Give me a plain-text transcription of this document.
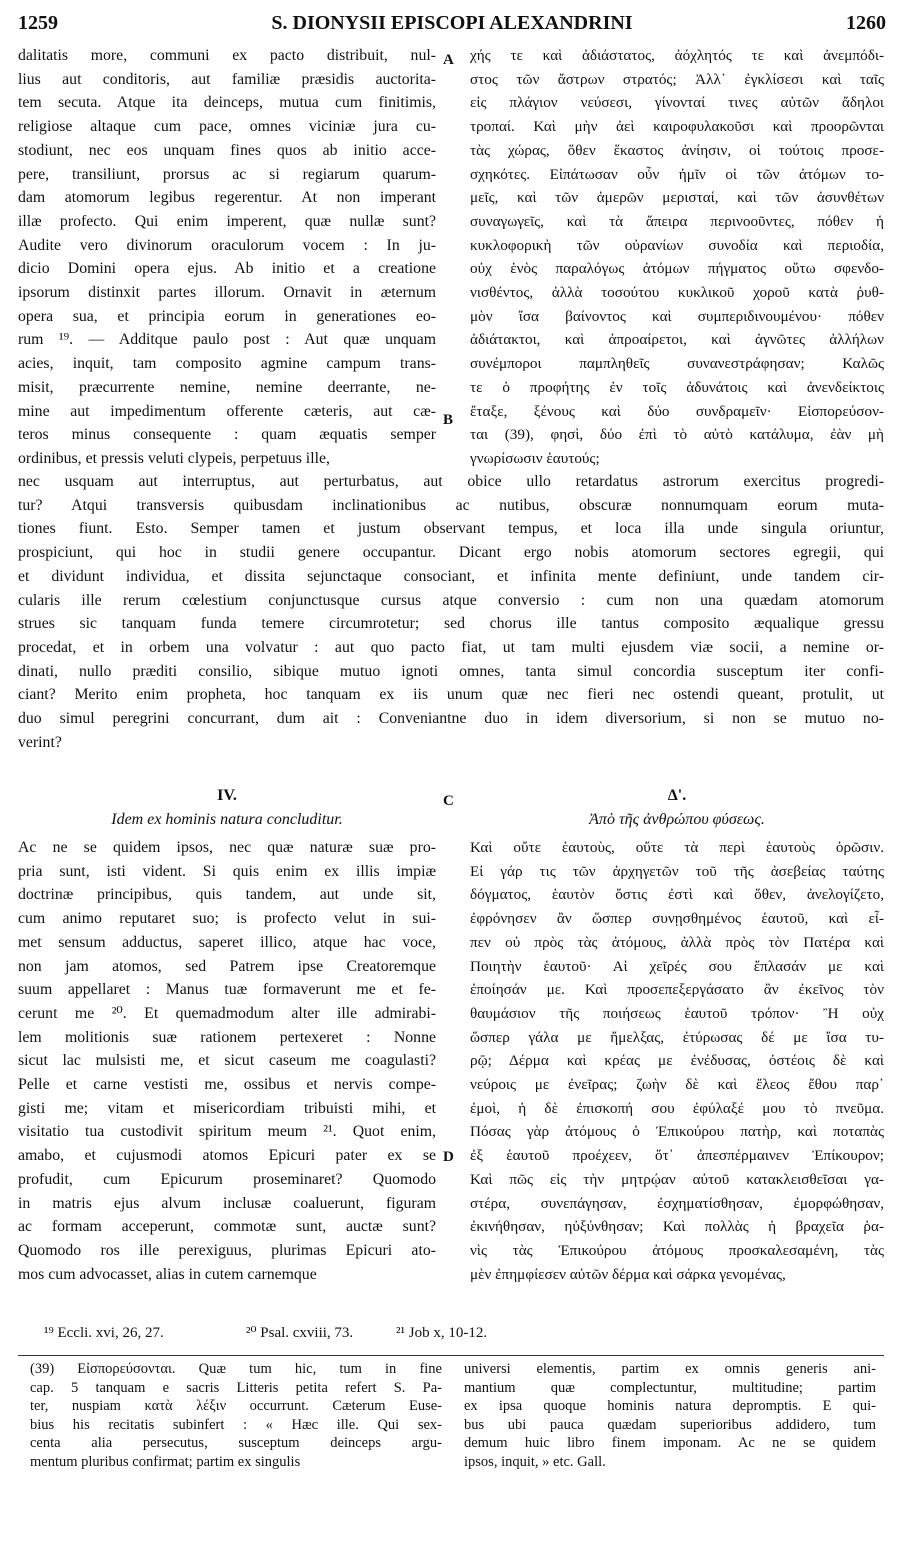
1259	S. DIONYSII EPISCOPI ALEXANDRINI	1260
A
B
C
D
dalitatis more, communi ex pacto distribuit, nul-
lius aut conditoris, aut familiæ præsidis auctorita-
tem secuta. Atque ita deinceps, mutua cum finitimis,
religiose altaque cum pace, omnes viciniæ jura cu-
stodiunt, nec eos unquam fines quos ab initio acce-
pere, transiliunt, prorsus ac si regiarum quarum-
dam atomorum legibus regerentur. At non imperant
illæ profecto. Qui enim imperent, quæ nullæ sunt?
Audite vero divinorum oraculorum vocem : In ju-
dicio Domini opera ejus. Ab initio et a creatione
ipsorum distinxit partes illorum. Ornavit in æternum
opera sua, et principia eorum in generationes eo-
rum ¹⁹. — Additque paulo post : Aut quæ unquam
acies, inquit, tam composito agmine campum trans-
misit, præcurrente nemine, nemine deerrante, ne-
mine aut impedimentum offerente cæteris, aut cæ-
teros minus consequente : quam æquatis semper
ordinibus, et pressis veluti clypeis, perpetuus ille,
χής τε καὶ ἀδιάστατος, ἀόχλητός τε καὶ ἀνεμπόδι-
στος τῶν ἄστρων στρατός; Ἀλλ᾽ ἐγκλίσεσι καὶ ταῖς
εἰς πλάγιον νεύσεσι, γίνονταί τινες αὐτῶν ἄδηλοι
τροπαί. Καὶ μὴν ἀεὶ καιροφυλακοῦσι καὶ προορῶνται
τὰς χώρας, ὅθεν ἕκαστος ἀνίησιν, οἱ τούτοις προσε-
σχηκότες. Εἰπάτωσαν οὖν ἡμῖν οἱ τῶν ἀτόμων το-
μεῖς, καὶ τῶν ἀμερῶν μερισταί, καὶ τῶν ἀσυνθέτων
συναγωγεῖς, καὶ τὰ ἄπειρα περινοοῦντες, πόθεν ἡ
κυκλοφορικὴ τῶν οὐρανίων συνοδία καὶ περιοδία,
οὐχ ἑνὸς παραλόγως ἀτόμων πήγματος οὕτω σφενδο-
νισθέντος, ἀλλὰ τοσούτου κυκλικοῦ χοροῦ κατὰ ῥυθ-
μὸν ἴσα βαίνοντος καὶ συμπεριδινουμένου· πόθεν
ἀδιάτακτοι, καὶ ἀπροαίρετοι, καὶ ἀγνῶτες ἀλλήλων
συνέμποροι παμπληθεῖς συνανεστράφησαν; Καλῶς
τε ὁ προφήτης ἐν τοῖς ἀδυνάτοις καὶ ἀνενδείκτοις
ἔταξε, ξένους καὶ δύο συνδραμεῖν· Εἰσπορεύσον-
ται (39), φησὶ, δύο ἐπὶ τὸ αὐτὸ κατάλυμα, ἐὰν μὴ
γνωρίσωσιν ἑαυτούς;
nec usquam aut interruptus, aut perturbatus, aut obice ullo retardatus astrorum exercitus progredi-
tur? Atqui transversis quibusdam inclinationibus ac nutibus, obscuræ nonnumquam eorum muta-
tiones fiunt. Esto. Semper tamen et justum observant tempus, et loca illa unde singula oriuntur,
prospiciunt, qui hoc in studii genere occupantur. Dicant ergo nobis atomorum sectores egregii, qui
et dividunt individua, et dissita sejunctaque consociant, et infinita mente definiunt, unde tandem cir-
cularis ille rerum cœlestium conjunctusque cursus atque conversio : cum non una quædam atomorum
strues sic tanquam funda temere circumrotetur; sed chorus ille tantus composito æqualique gressu
procedat, et in orbem una volvatur : aut quo pacto fiat, ut tam multi ejusdem viæ socii, a nemine or-
dinati, nullo præditi consilio, sibique mutuo ignoti omnes, tanta simul concordia susceptum iter confi-
ciant? Merito enim propheta, hoc tanquam ex iis unum quæ nec fieri nec ostendi queant, protulit, ut
duo simul peregrini concurrant, dum ait : Conveniantne duo in idem diversorium, si non se mutuo no-
verint?
IV.
Idem ex hominis natura concluditur.
Δ'.
Ἀπὸ τῆς ἀνθρώπου φύσεως.
Ac ne se quidem ipsos, nec quæ naturæ suæ pro-
pria sunt, isti vident. Si quis enim ex illis impiæ
doctrinæ principibus, quis tandem, aut unde sit,
cum animo reputaret suo; is profecto velut in sui-
met sensum adductus, saperet illico, atque hac voce,
non jam atomos, sed Patrem ipse Creatoremque
suum appellaret : Manus tuæ formaverunt me et fe-
cerunt me ²⁰. Et quemadmodum alter ille admirabi-
lem molitionis suæ rationem pertexeret : Nonne
sicut lac mulsisti me, et sicut caseum me coagulasti?
Pelle et carne vestisti me, ossibus et nervis compe-
gisti me; vitam et misericordiam tribuisti mihi, et
visitatio tua custodivit spiritum meum ²¹. Quot enim,
amabo, et cujusmodi atomos Epicuri pater ex se
profudit, cum Epicurum proseminaret? Quomodo
in matris ejus alvum inclusæ coaluerunt, figuram
ac formam acceperunt, commotæ sunt, auctæ sunt?
Quomodo ros ille perexiguus, plurimas Epicuri ato-
mos cum advocasset, alias in cutem carnemque
Καὶ οὔτε ἑαυτοὺς, οὔτε τὰ περὶ ἑαυτοὺς ὁρῶσιν.
Εἰ γάρ τις τῶν ἀρχηγετῶν τοῦ τῆς ἀσεβείας ταύτης
δόγματος, ἑαυτὸν ὅστις ἐστὶ καὶ ὅθεν, ἀνελογίζετο,
ἐφρόνησεν ἂν ὥσπερ συνῃσθημένος ἑαυτοῦ, καὶ εἶ-
πεν οὐ πρὸς τὰς ἀτόμους, ἀλλὰ πρὸς τὸν Πατέρα καὶ
Ποιητὴν ἑαυτοῦ· Αἱ χεῖρές σου ἔπλασάν με καὶ
ἐποίησάν με. Καὶ προσεπεξεργάσατο ἂν ἐκεῖνος τὸν
θαυμάσιον τῆς ποιήσεως ἑαυτοῦ τρόπον· Ἢ οὐχ
ὥσπερ γάλα με ἤμελξας, ἐτύρωσας δέ με ἴσα τυ-
ρῷ; Δέρμα καὶ κρέας με ἐνέδυσας, ὀστέοις δὲ καὶ
νεύροις με ἐνεῖρας; ζωὴν δὲ καὶ ἔλεος ἔθου παρ᾽
ἐμοὶ, ἡ δὲ ἐπισκοπή σου ἐφύλαξέ μου τὸ πνεῦμα.
Πόσας γὰρ ἀτόμους ὁ Ἐπικούρου πατὴρ, καὶ ποταπὰς
ἐξ ἑαυτοῦ προέχεεν, ὅτ᾽ ἀπεσπέρμαινεν Ἐπίκουρον;
Καὶ πῶς εἰς τὴν μητρῴαν αὐτοῦ κατακλεισθεῖσαι γα-
στέρα, συνεπάγησαν, ἐσχηματίσθησαν, ἐμορφώθησαν,
ἐκινήθησαν, ηὐξύνθησαν; Καὶ πολλὰς ἡ βραχεῖα ῥα-
νὶς τὰς Ἐπικούρου ἀτόμους προσκαλεσαμένη, τὰς
μὲν ἐπημφίεσεν αὐτῶν δέρμα καὶ σάρκα γενομένας,
¹⁹ Eccli. xvi, 26, 27.	²⁰ Psal. cxviii, 73.	²¹ Job x, 10-12.
(39) Εἰσπορεύσονται. Quæ tum hic, tum in fine
cap. 5 tanquam e sacris Litteris petita refert S. Pa-
ter, nuspiam κατὰ λέξιν occurrunt. Cæterum Euse-
bius his recitatis subinfert : « Hæc ille. Qui sex-
centa alia persecutus, susceptum deinceps argu-
mentum pluribus confirmat; partim ex singulis
universi elementis, partim ex omnis generis ani-
mantium quæ complectuntur, multitudine; partim
ex ipsa quoque hominis natura depromptis. E qui-
bus ubi pauca quædam superioribus addidero, tum
demum huic libro finem imponam. Ac ne se quidem
ipsos, inquit, » etc. Gall.
